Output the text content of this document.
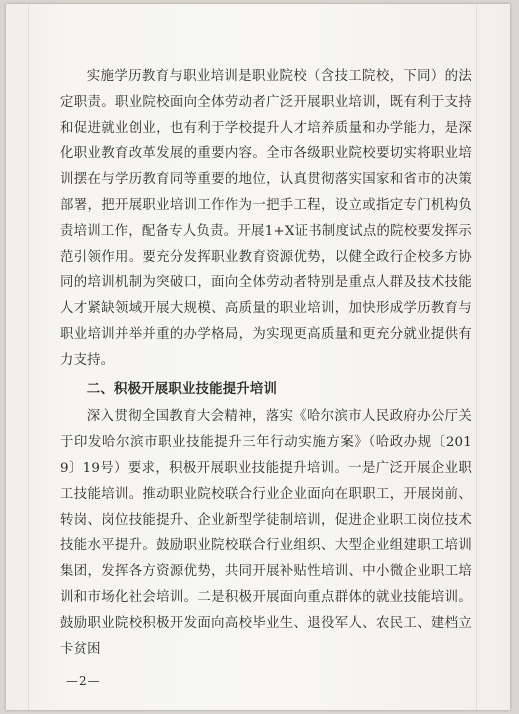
实施学历教育与职业培训是职业院校（含技工院校，下同）的法定职责。职业院校面向全体劳动者广泛开展职业培训，既有利于支持和促进就业创业，也有利于学校提升人才培养质量和办学能力，是深化职业教育改革发展的重要内容。全市各级职业院校要切实将职业培训摆在与学历教育同等重要的地位，认真贯彻落实国家和省市的决策部署，把开展职业培训工作作为一把手工程，设立或指定专门机构负责培训工作，配备专人负责。开展1+X证书制度试点的院校要发挥示范引领作用。要充分发挥职业教育资源优势，以健全政行企校多方协同的培训机制为突破口，面向全体劳动者特别是重点人群及技术技能人才紧缺领域开展大规模、高质量的职业培训，加快形成学历教育与职业培训并举并重的办学格局，为实现更高质量和更充分就业提供有力支持。

二、积极开展职业技能提升培训

深入贯彻全国教育大会精神，落实《哈尔滨市人民政府办公厅关于印发哈尔滨市职业技能提升三年行动实施方案》（哈政办规〔2019〕19号）要求，积极开展职业技能提升培训。一是广泛开展企业职工技能培训。推动职业院校联合行业企业面向在职职工，开展岗前、转岗、岗位技能提升、企业新型学徒制培训，促进企业职工岗位技术技能水平提升。鼓励职业院校联合行业组织、大型企业组建职工培训集团，发挥各方资源优势，共同开展补贴性培训、中小微企业职工培训和市场化社会培训。二是积极开展面向重点群体的就业技能培训。鼓励职业院校积极开发面向高校毕业生、退役军人、农民工、建档立卡贫困

—2—
